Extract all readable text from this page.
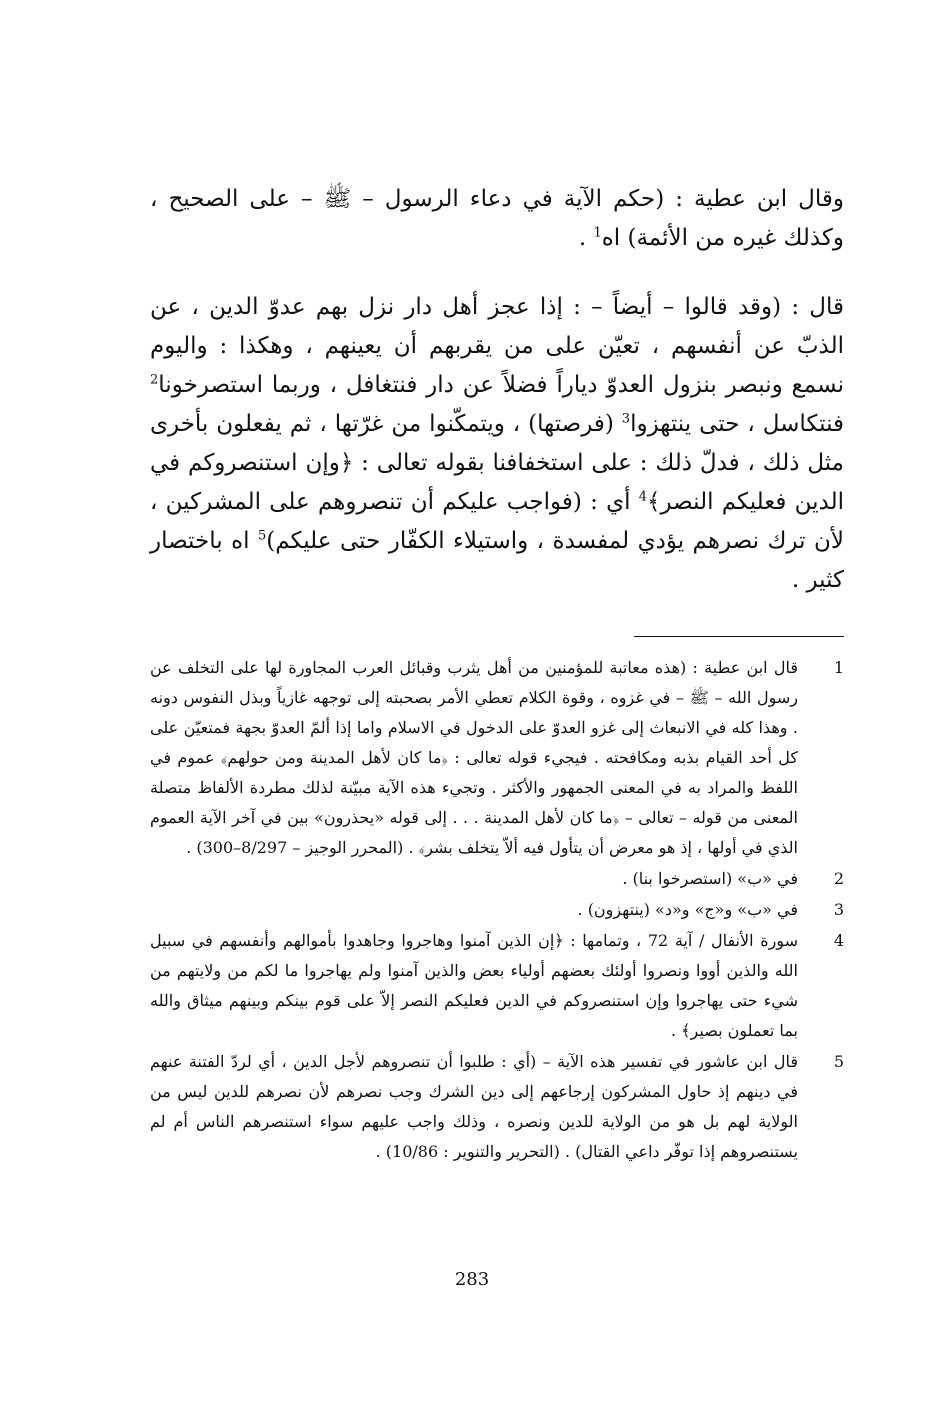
وقال ابن عطية : (حكم الآية في دعاء الرسول – ﷺ – على الصحيح ، وكذلك غيره من الأئمة) اه$^1$ .

قال : (وقد قالوا – أيضاً – : إذا عجز أهل دار نزل بهم عدوّ الدين ، عن الذبّ عن أنفسهم ، تعيّن على من يقربهم أن يعينهم ، وهكذا : واليوم نسمع ونبصر بنزول العدوّ دياراً فضلاً عن دار فنتغافل ، وربما استصرخونا$^2$ فنتكاسل ، حتى ينتهزوا$^3$ (فرصتها) ، ويتمكّنوا من غرّتها ، ثم يفعلون بأخرى مثل ذلك ، فدلّ ذلك : على استخفافنا بقوله تعالى : ﴿وإن استنصروكم في الدين فعليكم النصر﴾$^4$ أي : (فواجب عليكم أن تنصروهم على المشركين ، لأن ترك نصرهم يؤدي لمفسدة ، واستيلاء الكفّار حتى عليكم)$^5$ اه باختصار كثير .

1
قال ابن عطية : (هذه معاتبة للمؤمنين من أهل يثرب وقبائل العرب المجاورة لها على التخلف عن رسول الله – ﷺ – في غزوه ، وقوة الكلام تعطي الأمر بصحبته إلى توجهه غازياً وبذل النفوس دونه . وهذا كله في الانبعاث إلى غزو العدوّ على الدخول في الاسلام واما إذا ألمّ العدوّ بجهة فمتعيّن على كل أحد القيام بذبه ومكافحته . فيجيء قوله تعالى : ﴿ما كان لأهل المدينة ومن حولهم﴾ عموم في اللفظ والمراد به في المعنى الجمهور والأكثر . وتجيء هذه الآية مبيّنة لذلك مطردة الألفاظ متصلة المعنى من قوله – تعالى – ﴿ما كان لأهل المدينة . . . إلى قوله «يحذرون» بين في آخر الآية العموم الذي في أولها ، إذ هو معرض أن يتأول فيه ألاّ يتخلف بشر﴾ . (المحرر الوجيز – 8/297–300) .
2
في «ب» (استصرخوا بنا) .
3
في «ب» و«ج» و«د» (ينتهزون) .
4
سورة الأنفال / آية 72 ، وتمامها : ﴿إن الذين آمنوا وهاجروا وجاهدوا بأموالهم وأنفسهم في سبيل الله والذين أووا ونصروا أولئك بعضهم أولياء بعض والذين آمنوا ولم يهاجروا ما لكم من ولايتهم من شيء حتى يهاجروا وإن استنصروكم في الدين فعليكم النصر إلاّ على قوم بينكم وبينهم ميثاق والله بما تعملون بصير﴾ .
5
قال ابن عاشور في تفسير هذه الآية – (أي : طلبوا أن تنصروهم لأجل الدين ، أي لردّ الفتنة عنهم في دينهم إذ حاول المشركون إرجاعهم إلى دين الشرك وجب نصرهم لأن نصرهم للدين ليس من الولاية لهم بل هو من الولاية للدين ونصره ، وذلك واجب عليهم سواء استنصرهم الناس أم لم يستنصروهم إذا توفّر داعي القتال) . (التحرير والتنوير : 10/86) .
283
